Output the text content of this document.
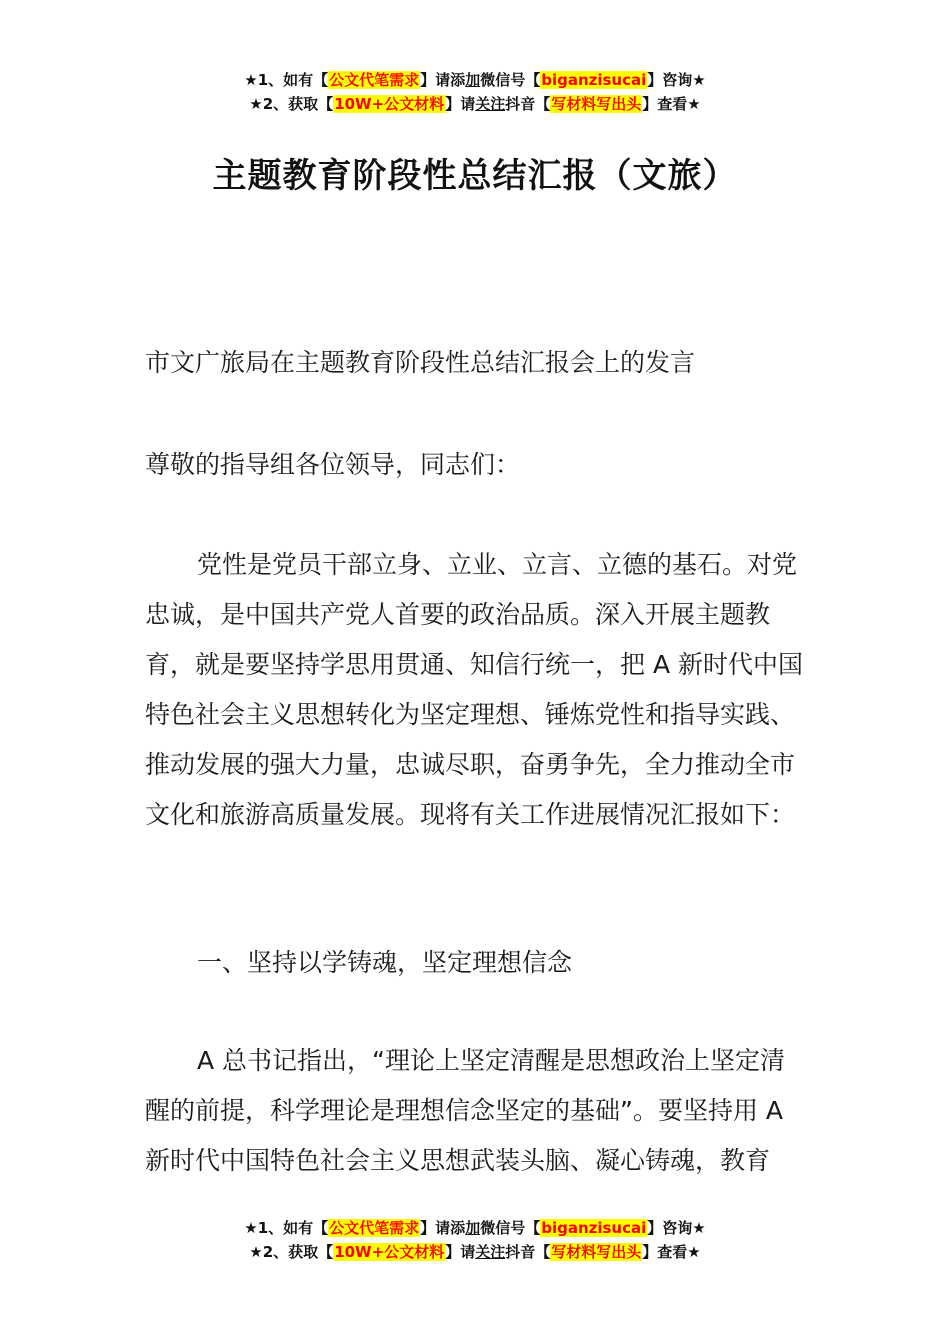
★1、如有【公文代笔需求】请添加微信号【biganzisucai】咨询★
★2、获取【10W+公文材料】请关注抖音【写材料写出头】查看★
主题教育阶段性总结汇报（文旅）

市文广旅局在主题教育阶段性总结汇报会上的发言

尊敬的指导组各位领导，同志们：

党性是党员干部立身、立业、立言、立德的基石。对党忠诚，是中国共产党人首要的政治品质。深入开展主题教育，就是要坚持学思用贯通、知信行统一，把 A 新时代中国特色社会主义思想转化为坚定理想、锤炼党性和指导实践、推动发展的强大力量，忠诚尽职，奋勇争先，全力推动全市文化和旅游高质量发展。现将有关工作进展情况汇报如下：

一、坚持以学铸魂，坚定理想信念

A 总书记指出，“理论上坚定清醒是思想政治上坚定清醒的前提，科学理论是理想信念坚定的基础”。要坚持用 A 新时代中国特色社会主义思想武装头脑、凝心铸魂，教育

★1、如有【公文代笔需求】请添加微信号【biganzisucai】咨询★
★2、获取【10W+公文材料】请关注抖音【写材料写出头】查看★
